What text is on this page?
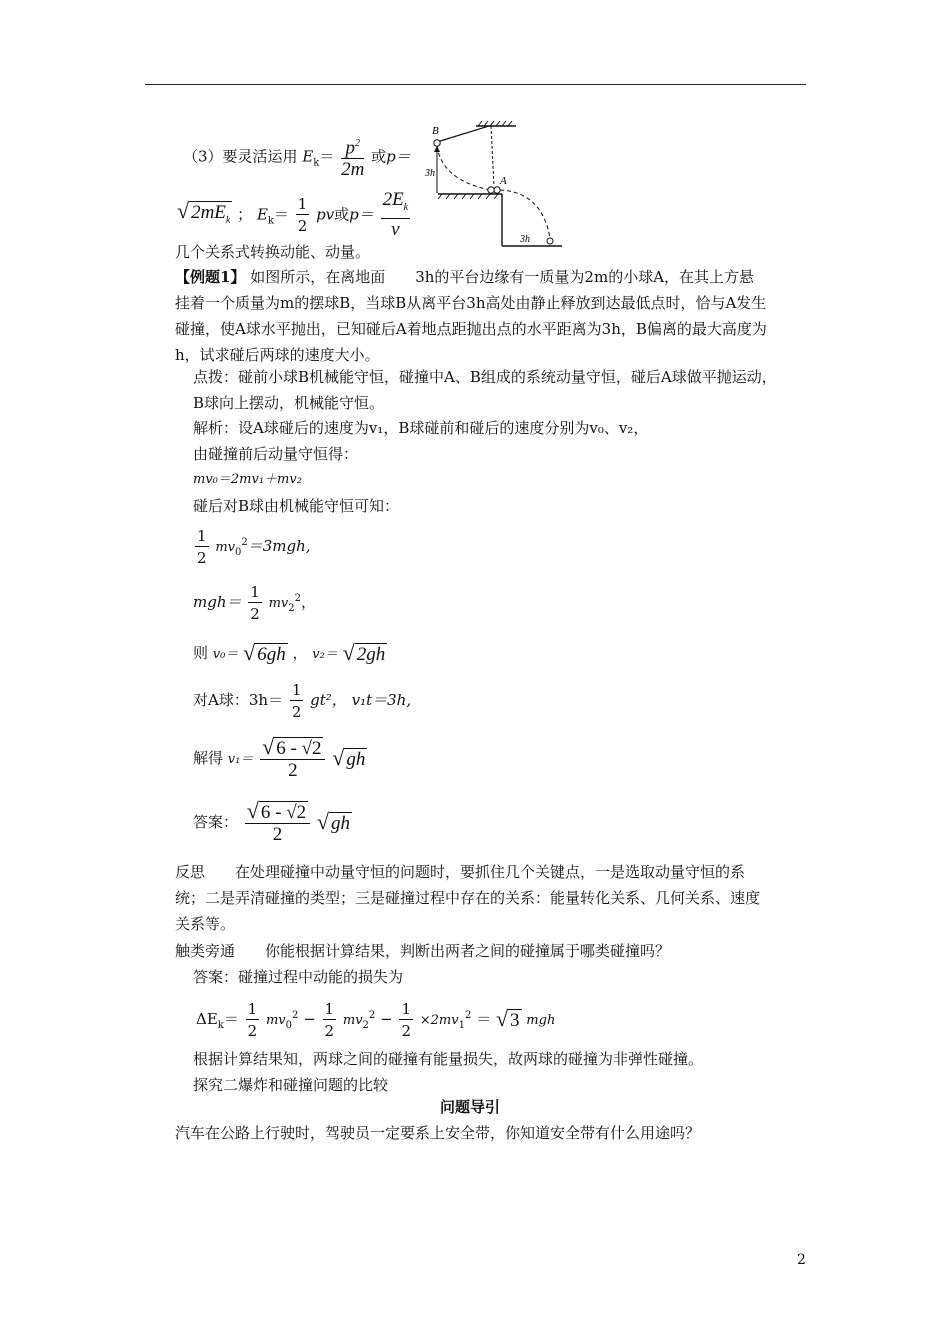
（3）要灵活运用 $E_k= \frac{p^2}{2m}$ 或p＝
√ $2mE_k$ ； $E_k= \frac{1}{2}$ pv或$p= \frac{2E_k}{v}$
几个关系式转换动能、动量。
B
3h
A
3h
【例题1】 如图所示，在离地面　　3h的平台边缘有一质量为2m的小球A，在其上方悬
挂着一个质量为m的摆球B，当球B从离平台3h高处由静止释放到达最低点时，恰与A发生
碰撞，使A球水平抛出，已知碰后A着地点距抛出点的水平距离为3h，B偏离的最大高度为
h，试求碰后两球的速度大小。
点拨：碰前小球B机械能守恒，碰撞中A、B组成的系统动量守恒，碰后A球做平抛运动，
B球向上摆动，机械能守恒。
解析：设A球碰后的速度为v₁，B球碰前和碰后的速度分别为v₀、v₂，
由碰撞前后动量守恒得：
mv₀＝2mv₁＋mv₂
碰后对B球由机械能守恒可知：
$\frac{1}{2} mv_0^2=3mgh$,
$mgh= \frac{1}{2} mv_2^2$，
则 v₀＝ √ 6gh ， v₂＝ √ 2gh
对A球：$3h= \frac{1}{2} gt^2$， v₁t＝3h,
解得 $v_1= \frac{√ 6 - √2}{2}$ √ gh
答案： $\frac{√ 6 - √2}{2}$ √ gh
反思　　在处理碰撞中动量守恒的问题时，要抓住几个关键点，一是选取动量守恒的系
统；二是弄清碰撞的类型；三是碰撞过程中存在的关系：能量转化关系、几何关系、速度
关系等。
触类旁通　　你能根据计算结果，判断出两者之间的碰撞属于哪类碰撞吗？
答案：碰撞过程中动能的损失为
$\Delta E_k= \frac{1}{2} mv_0^2 - \frac{1}{2} mv_2^2 - \frac{1}{2} \times 2mv_1^2$ ＝ √ 3 mgh
根据计算结果知，两球之间的碰撞有能量损失，故两球的碰撞为非弹性碰撞。
探究二爆炸和碰撞问题的比较
问题导引
汽车在公路上行驶时，驾驶员一定要系上安全带，你知道安全带有什么用途吗？
2
